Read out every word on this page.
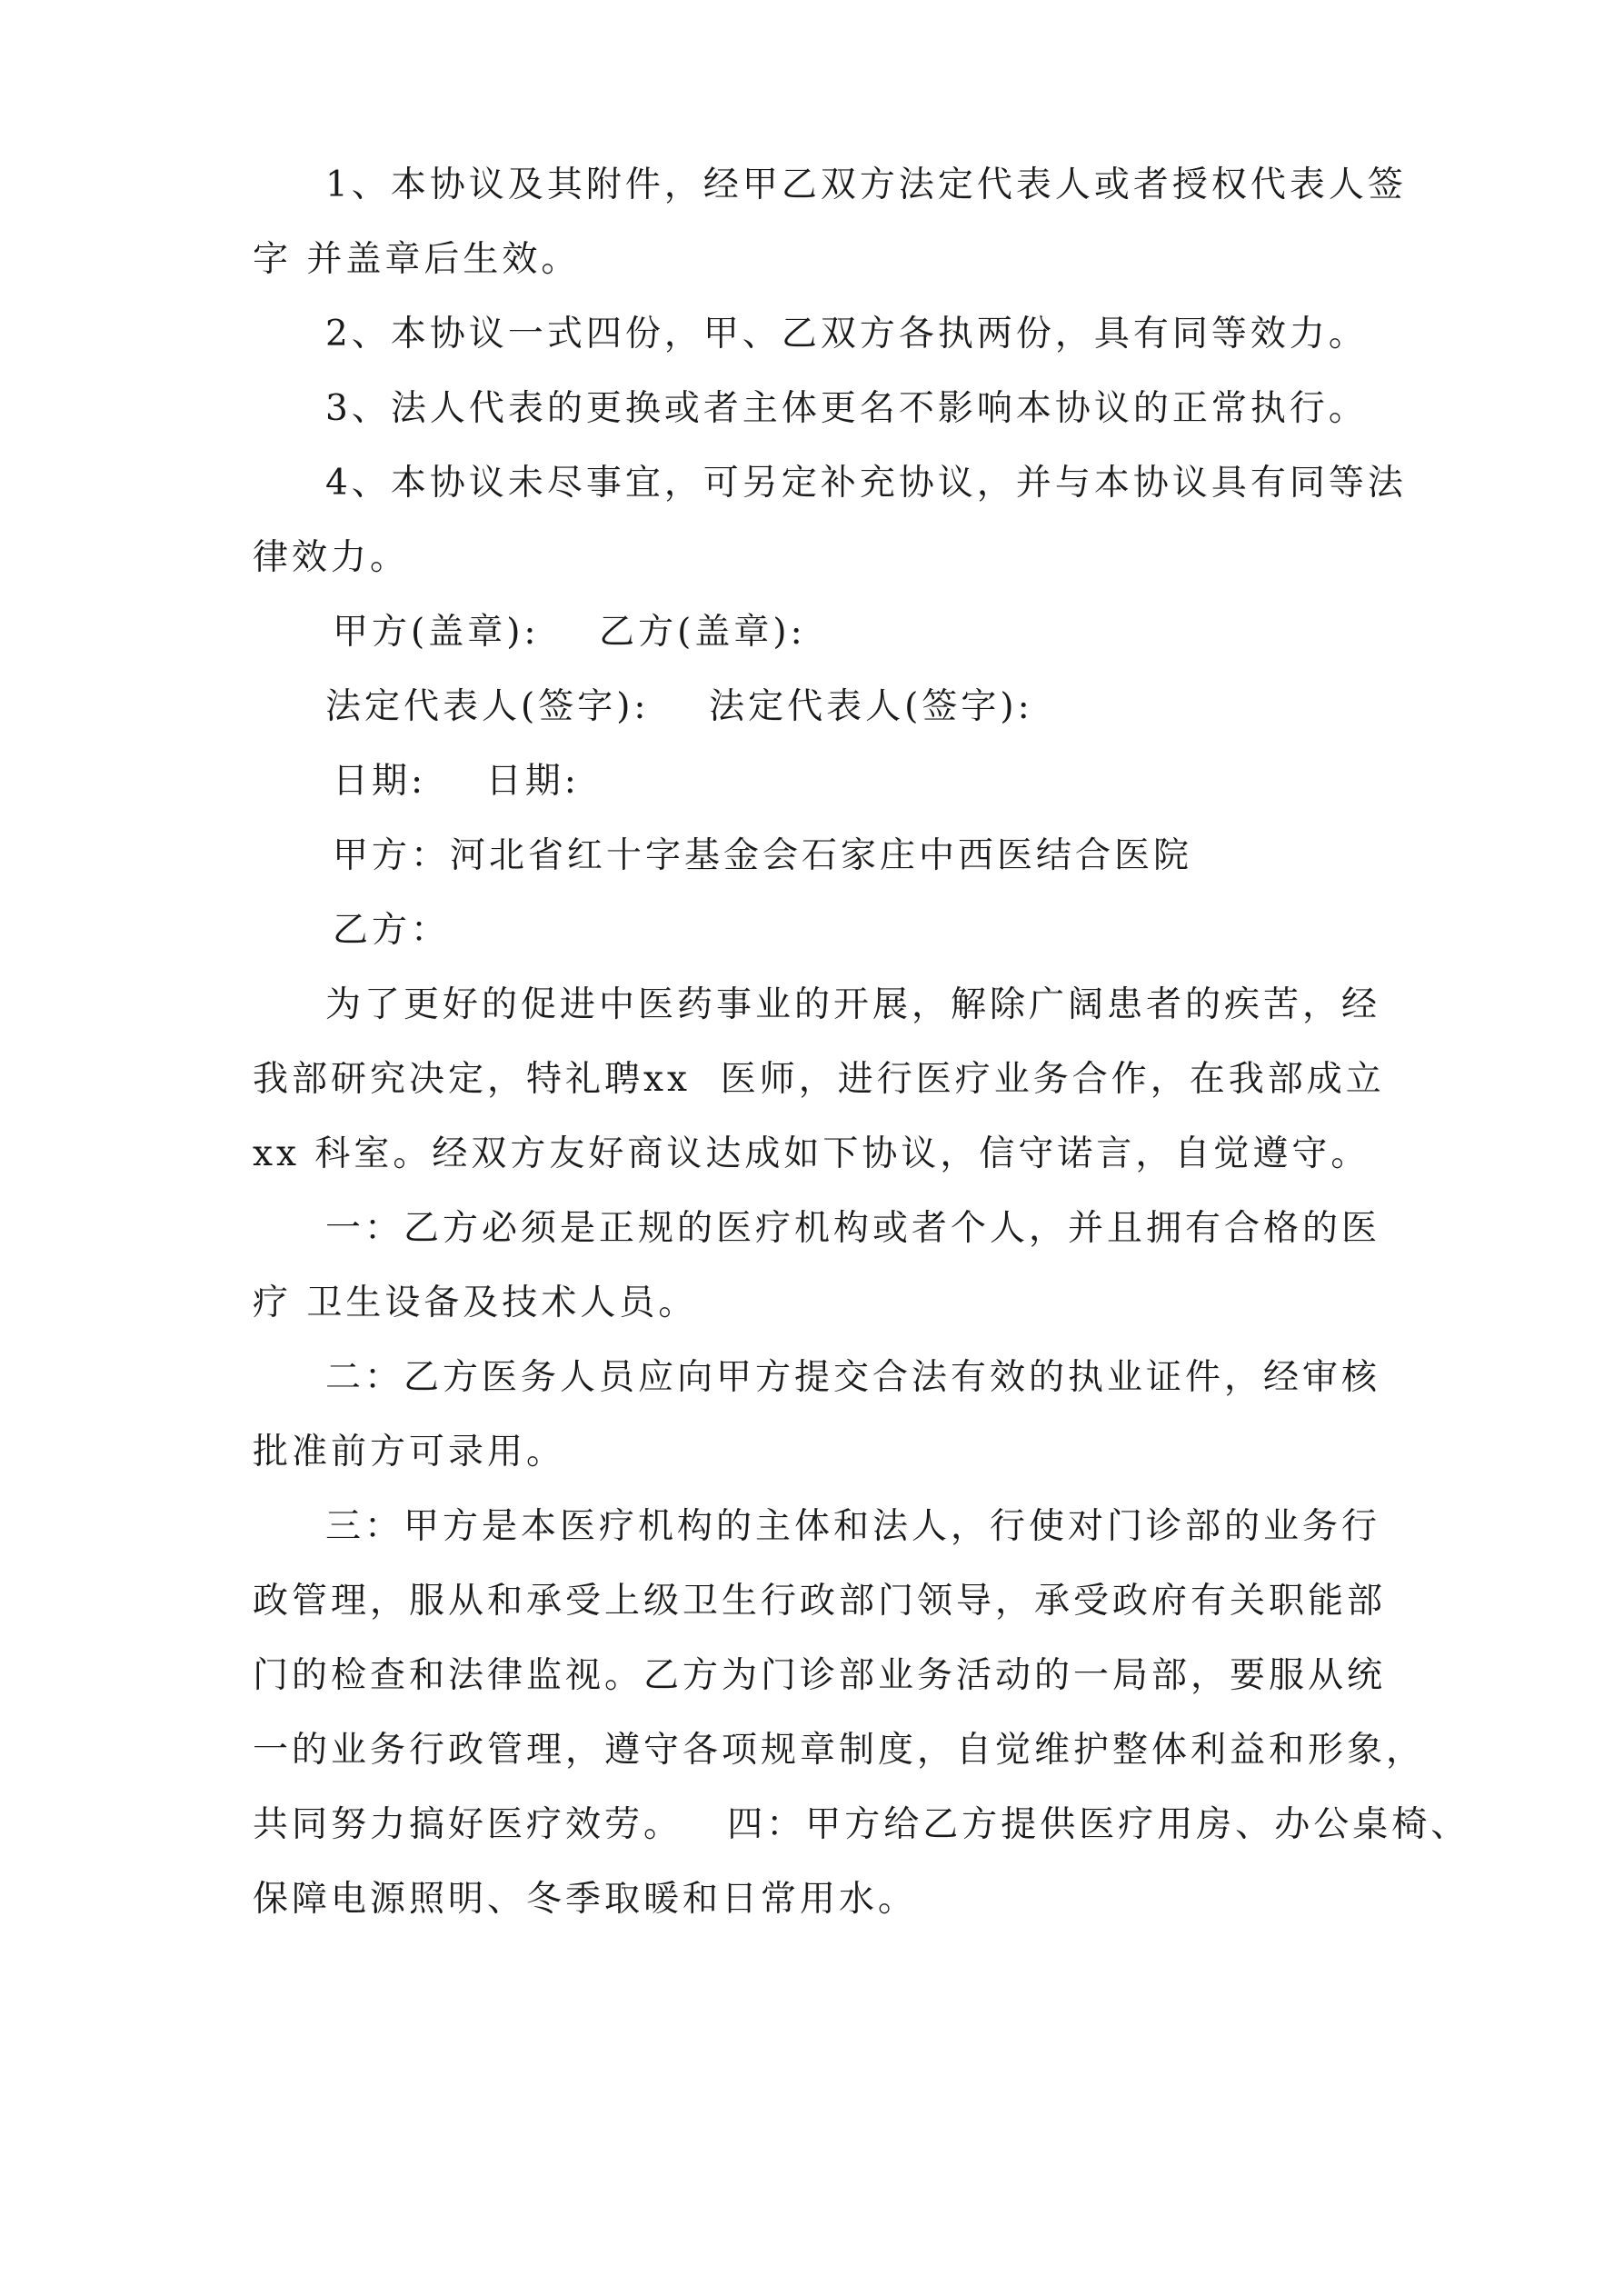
1、本协议及其附件，经甲乙双方法定代表人或者授权代表人签
字 并盖章后生效。
2、本协议一式四份，甲、乙双方各执两份，具有同等效力。
3、法人代表的更换或者主体更名不影响本协议的正常执行。
4、本协议未尽事宜，可另定补充协议，并与本协议具有同等法
律效力。
甲方(盖章):    乙方(盖章):
法定代表人(签字):    法定代表人(签字):
日期:    日期:
甲方：河北省红十字基金会石家庄中西医结合医院
乙方：
为了更好的促进中医药事业的开展，解除广阔患者的疾苦，经
我部研究决定，特礼聘xx  医师，进行医疗业务合作，在我部成立
xx 科室。经双方友好商议达成如下协议，信守诺言，自觉遵守。
一：乙方必须是正规的医疗机构或者个人，并且拥有合格的医
疗 卫生设备及技术人员。
二：乙方医务人员应向甲方提交合法有效的执业证件，经审核
批准前方可录用。
三：甲方是本医疗机构的主体和法人，行使对门诊部的业务行
政管理，服从和承受上级卫生行政部门领导，承受政府有关职能部
门的检查和法律监视。乙方为门诊部业务活动的一局部，要服从统
一的业务行政管理，遵守各项规章制度，自觉维护整体利益和形象，
共同努力搞好医疗效劳。   四：甲方给乙方提供医疗用房、办公桌椅、
保障电源照明、冬季取暖和日常用水。
